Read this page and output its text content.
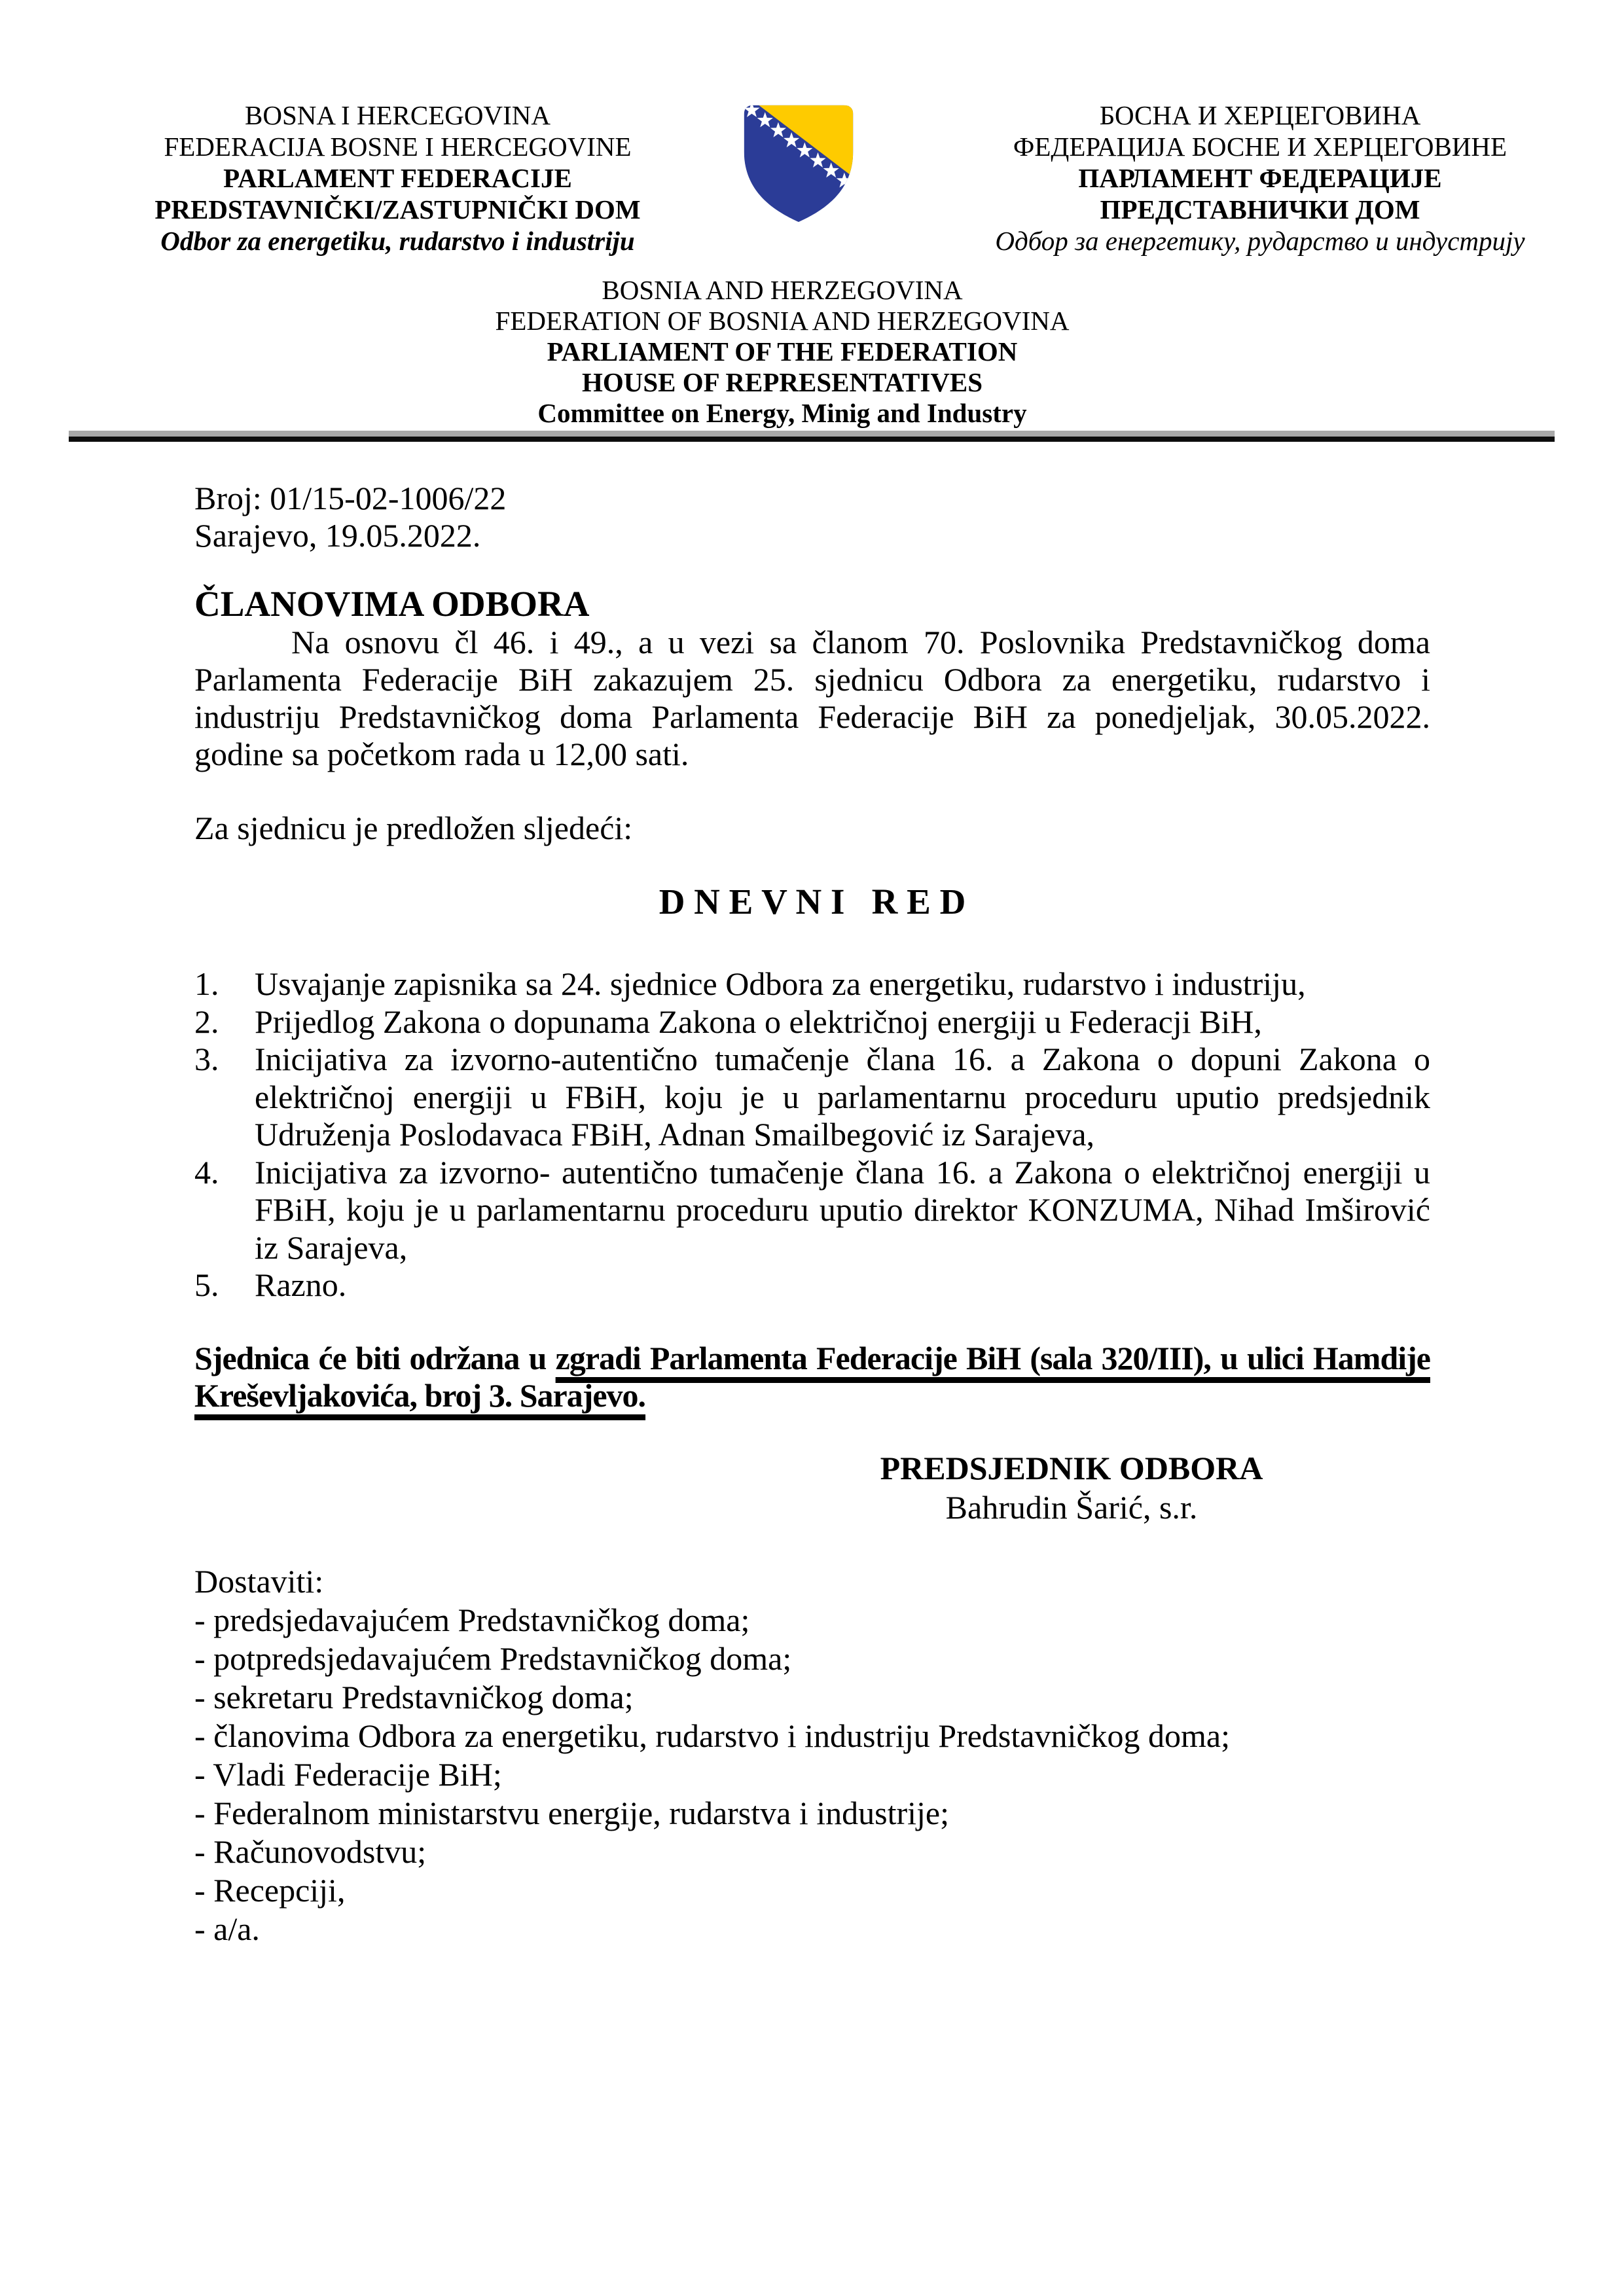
BOSNA I HERCEGOVINA
FEDERACIJA BOSNE I HERCEGOVINE
PARLAMENT FEDERACIJE
PREDSTAVNIČKI/ZASTUPNIČKI DOM
Odbor za energetiku, rudarstvo i industriju
БОСНА И ХЕРЦЕГОВИНА
ФЕДЕРАЦИЈА БОСНЕ И ХЕРЦЕГОВИНЕ
ПАРЛАМЕНТ ФЕДЕРАЦИЈЕ
ПРЕДСТАВНИЧКИ ДОМ
Одбор за енергетику, рударство и индустрију
BOSNIA AND HERZEGOVINA
FEDERATION OF BOSNIA AND HERZEGOVINA
PARLIAMENT OF THE FEDERATION
HOUSE OF REPRESENTATIVES
Committee on Energy, Minig and Industry
Broj: 01/15-02-1006/22
Sarajevo, 19.05.2022.
ČLANOVIMA ODBORA

Na osnovu čl 46. i 49., a u vezi sa članom 70. Poslovnika Predstavničkog doma Parlamenta Federacije BiH zakazujem 25. sjednicu Odbora za energetiku, rudarstvo i industriju Predstavničkog doma Parlamenta Federacije BiH za ponedjeljak, 30.05.2022. godine sa početkom rada u 12,00 sati.

Za sjednicu je predložen sljedeći:
D N E V N I   R E D
Usvajanje zapisnika sa 24. sjednice Odbora za energetiku, rudarstvo i industriju,
Prijedlog Zakona o dopunama Zakona o električnoj energiji u Federacji BiH,
Inicijativa za izvorno-autentično tumačenje člana 16. a Zakona o dopuni Zakona o električnoj energiji u FBiH, koju je u parlamentarnu proceduru uputio predsjednik Udruženja Poslodavaca FBiH, Adnan Smailbegović iz Sarajeva,
Inicijativa za izvorno- autentično tumačenje člana 16. a Zakona o električnoj energiji u FBiH, koju je u parlamentarnu proceduru uputio direktor KONZUMA, Nihad Imširović iz Sarajeva,
Razno.

Sjednica će biti održana u zgradi Parlamenta Federacije BiH (sala 320/III), u ulici Hamdije Kreševljakovića, broj 3. Sarajevo.

PREDSJEDNIK ODBORA
Bahrudin Šarić, s.r.
Dostaviti:
- predsjedavajućem Predstavničkog doma;
- potpredsjedavajućem Predstavničkog doma;
- sekretaru Predstavničkog doma;
- članovima Odbora za energetiku, rudarstvo i industriju Predstavničkog doma;
- Vladi Federacije BiH;
- Federalnom ministarstvu energije, rudarstva i industrije;
- Računovodstvu;
- Recepciji,
- a/a.
